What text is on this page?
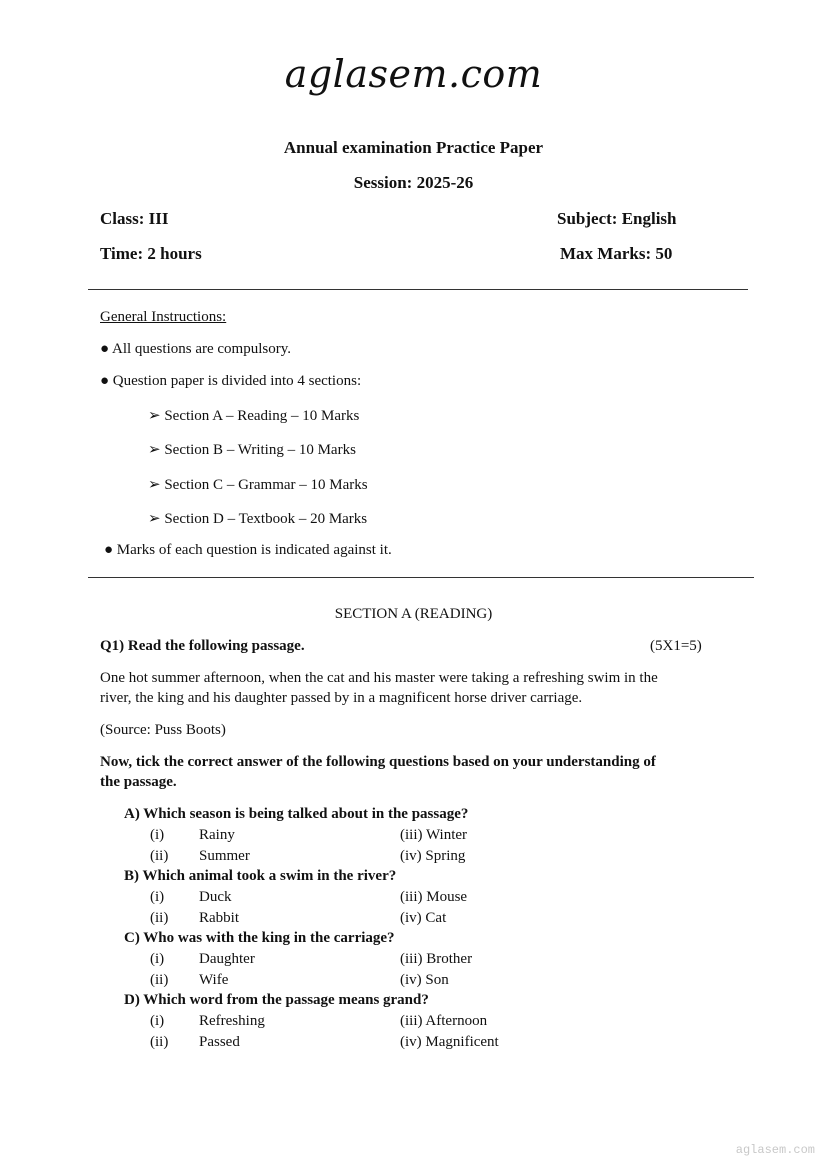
aglasem.com
Annual examination Practice Paper
Session: 2025-26
Class: III	Subject: English
Time: 2 hours	Max Marks: 50
General Instructions:
● All questions are compulsory.
● Question paper is divided into 4 sections:
➢ Section A – Reading – 10 Marks
➢ Section B – Writing – 10 Marks
➢ Section C – Grammar – 10 Marks
➢ Section D – Textbook – 20 Marks
● Marks of each question is indicated against it.
SECTION A (READING)
Q1) Read the following passage.	(5X1=5)
One hot summer afternoon, when the cat and his master were taking a refreshing swim in the
river, the king and his daughter passed by in a magnificent horse driver carriage.
(Source: Puss Boots)
Now, tick the correct answer of the following questions based on your understanding of
the passage.
A) Which season is being talked about in the passage?
(i) Rainy	(iii) Winter
(ii) Summer	(iv) Spring
B) Which animal took a swim in the river?
(i) Duck	(iii) Mouse
(ii) Rabbit	(iv) Cat
C) Who was with the king in the carriage?
(i) Daughter	(iii) Brother
(ii) Wife	(iv) Son
D) Which word from the passage means grand?
(i) Refreshing	(iii) Afternoon
(ii) Passed	(iv) Magnificent
aglasem.com
